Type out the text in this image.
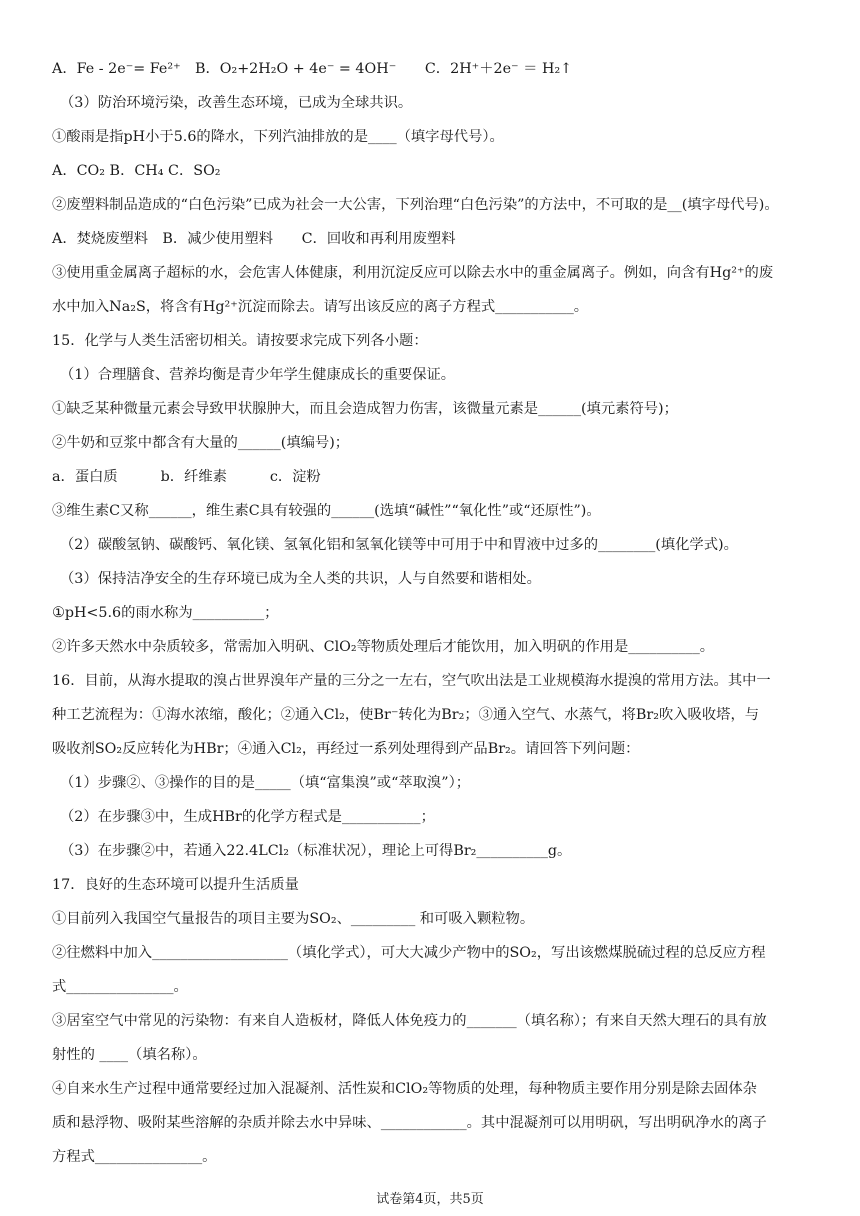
A．Fe - 2e⁻= Fe²⁺　B．O₂+2H₂O + 4e⁻ = 4OH⁻　　C．2H⁺＋2e⁻ ＝ H₂↑
（3）防治环境污染，改善生态环境，已成为全球共识。
①酸雨是指pH小于5.6的降水，下列汽油排放的是____（填字母代号）。
A．CO₂ B．CH₄ C．SO₂
②废塑料制品造成的“白色污染”已成为社会一大公害，下列治理“白色污染”的方法中，不可取的是__(填字母代号)。
A．焚烧废塑料　B．减少使用塑料　　C．回收和再利用废塑料
③使用重金属离子超标的水，会危害人体健康，利用沉淀反应可以除去水中的重金属离子。例如，向含有Hg²⁺的废
水中加入Na₂S，将含有Hg²⁺沉淀而除去。请写出该反应的离子方程式___________。
15．化学与人类生活密切相关。请按要求完成下列各小题：
（1）合理膳食、营养均衡是青少年学生健康成长的重要保证。
①缺乏某种微量元素会导致甲状腺肿大，而且会造成智力伤害，该微量元素是______(填元素符号)；
②牛奶和豆浆中都含有大量的______(填编号)；
a．蛋白质　　　b．纤维素　　　c．淀粉
③维生素C又称______，维生素C具有较强的______(选填“碱性”“氧化性”或“还原性”)。
（2）碳酸氢钠、碳酸钙、氧化镁、氢氧化铝和氢氧化镁等中可用于中和胃液中过多的________(填化学式)。
（3）保持洁净安全的生存环境已成为全人类的共识，人与自然要和谐相处。
①pH<5.6的雨水称为__________；
②许多天然水中杂质较多，常需加入明矾、ClO₂等物质处理后才能饮用，加入明矾的作用是__________。
16．目前，从海水提取的溴占世界溴年产量的三分之一左右，空气吹出法是工业规模海水提溴的常用方法。其中一
种工艺流程为：①海水浓缩，酸化；②通入Cl₂，使Br⁻转化为Br₂；③通入空气、水蒸气，将Br₂吹入吸收塔，与
吸收剂SO₂反应转化为HBr；④通入Cl₂，再经过一系列处理得到产品Br₂。请回答下列问题：
（1）步骤②、③操作的目的是_____（填“富集溴”或“萃取溴”）；
（2）在步骤③中，生成HBr的化学方程式是___________；
（3）在步骤②中，若通入22.4LCl₂（标准状况），理论上可得Br₂__________g。
17．良好的生态环境可以提升生活质量
①目前列入我国空气量报告的项目主要为SO₂、_________ 和可吸入颗粒物。
②往燃料中加入___________________（填化学式），可大大减少产物中的SO₂，写出该燃煤脱硫过程的总反应方程
式_______________。
③居室空气中常见的污染物：有来自人造板材，降低人体免疫力的_______（填名称）；有来自天然大理石的具有放
射性的 ____（填名称）。
④自来水生产过程中通常要经过加入混凝剂、活性炭和ClO₂等物质的处理，每种物质主要作用分别是除去固体杂
质和悬浮物、吸附某些溶解的杂质并除去水中异味、____________。其中混凝剂可以用明矾，写出明矾净水的离子
方程式_______________。
试卷第4页，共5页
